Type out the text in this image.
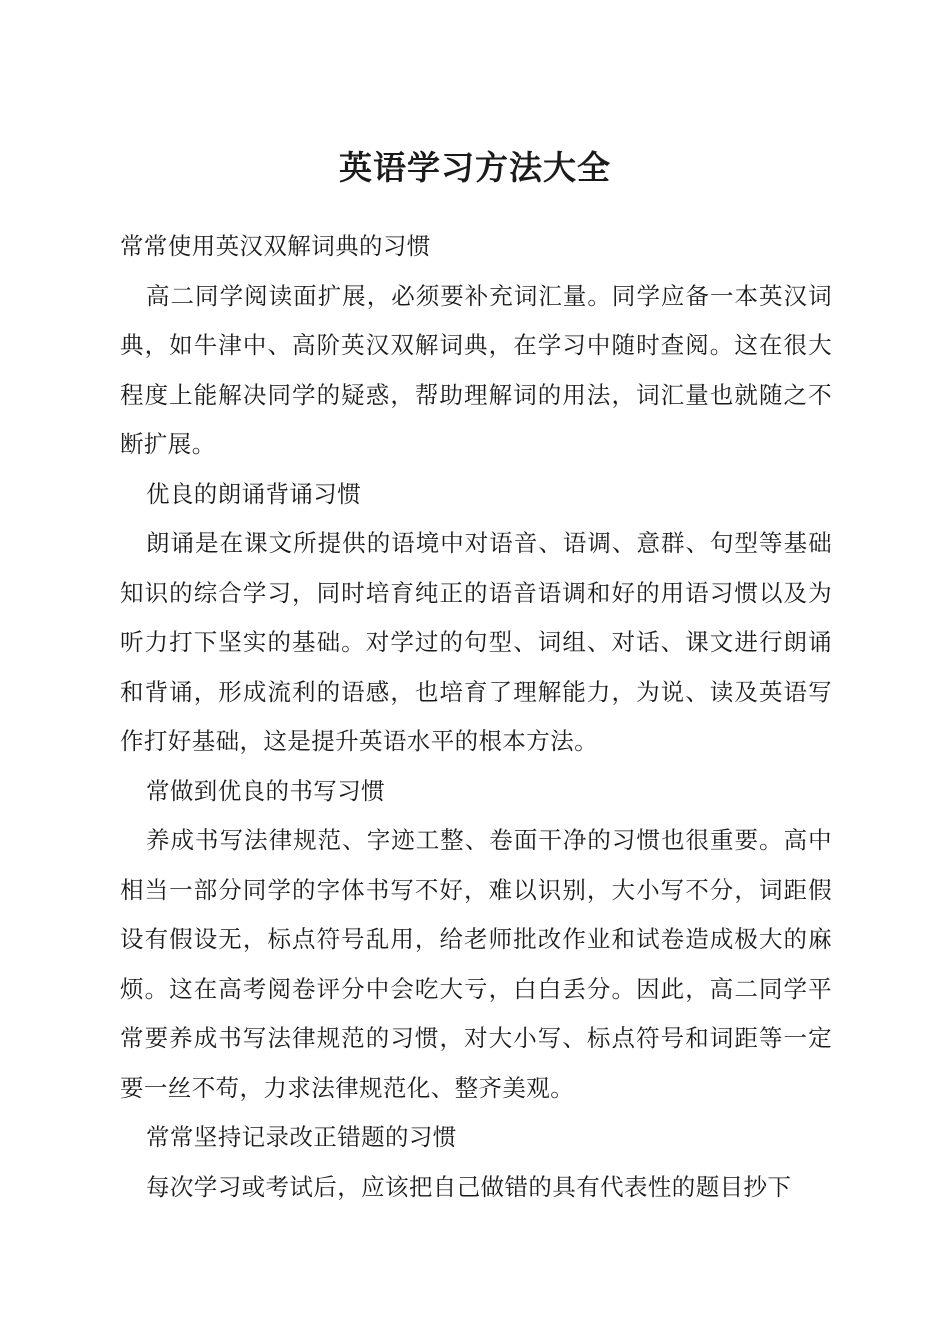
英语学习方法大全

常常使用英汉双解词典的习惯

高二同学阅读面扩展，必须要补充词汇量。同学应备一本英汉词典，如牛津中、高阶英汉双解词典，在学习中随时查阅。这在很大程度上能解决同学的疑惑，帮助理解词的用法，词汇量也就随之不断扩展。

优良的朗诵背诵习惯

朗诵是在课文所提供的语境中对语音、语调、意群、句型等基础知识的综合学习，同时培育纯正的语音语调和好的用语习惯以及为听力打下坚实的基础。对学过的句型、词组、对话、课文进行朗诵和背诵，形成流利的语感，也培育了理解能力，为说、读及英语写作打好基础，这是提升英语水平的根本方法。

常做到优良的书写习惯

养成书写法律规范、字迹工整、卷面干净的习惯也很重要。高中相当一部分同学的字体书写不好，难以识别，大小写不分，词距假设有假设无，标点符号乱用，给老师批改作业和试卷造成极大的麻烦。这在高考阅卷评分中会吃大亏，白白丢分。因此，高二同学平常要养成书写法律规范的习惯，对大小写、标点符号和词距等一定要一丝不苟，力求法律规范化、整齐美观。

常常坚持记录改正错题的习惯

每次学习或考试后，应该把自己做错的具有代表性的题目抄下
